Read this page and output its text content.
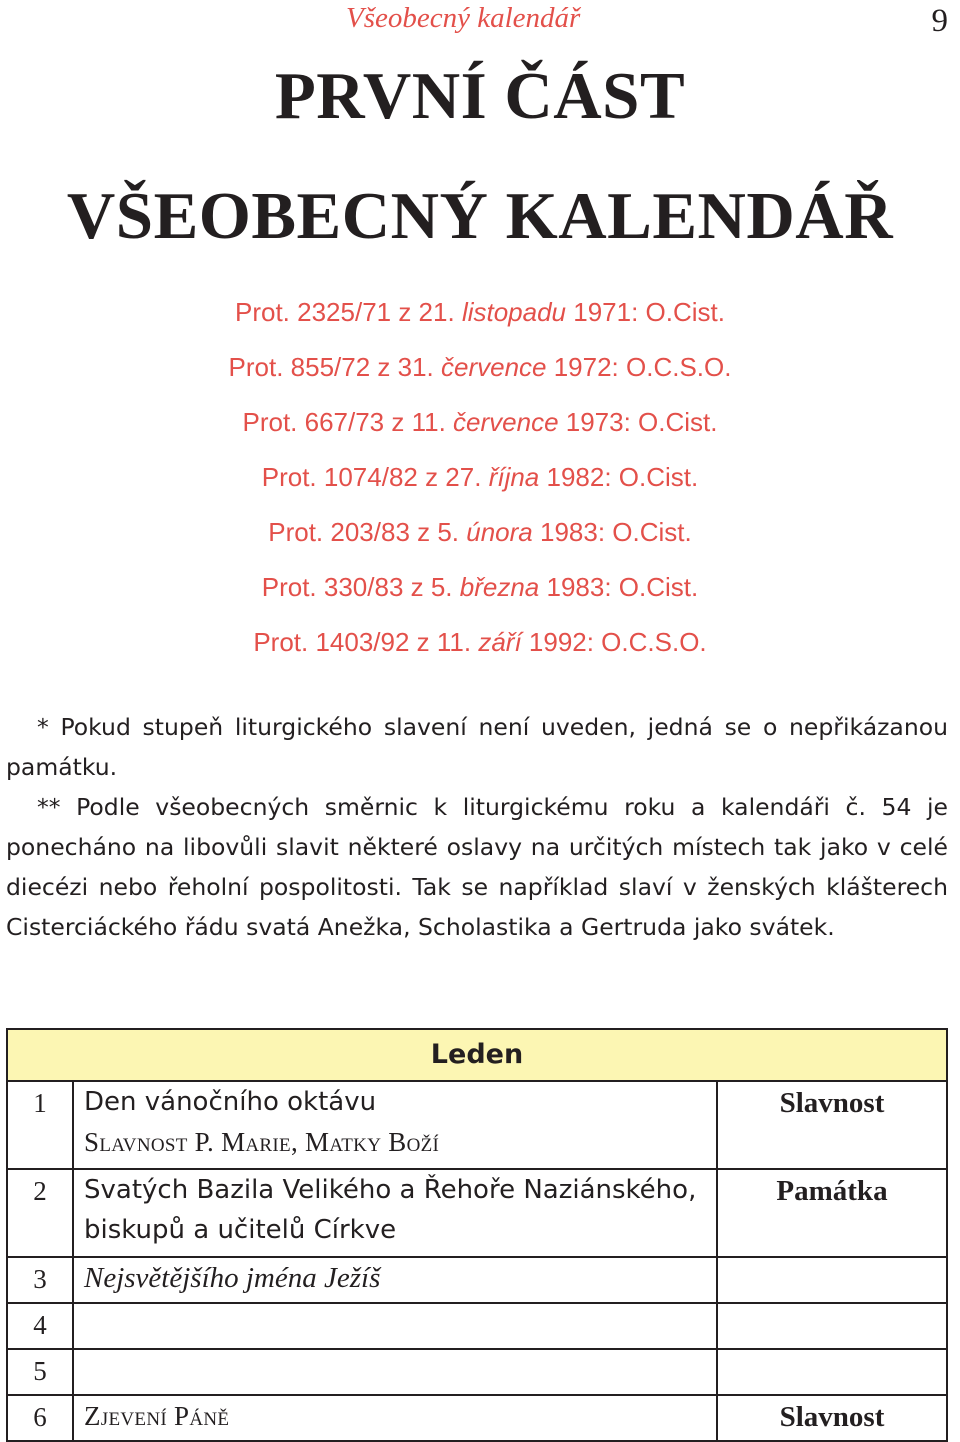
Všeobecný kalendář	9
PRVNÍ ČÁST
VŠEOBECNÝ KALENDÁŘ
Prot. 2325/71 z 21. listopadu 1971: O.Cist.
Prot. 855/72 z 31. července 1972: O.C.S.O.
Prot. 667/73 z 11. července 1973: O.Cist.
Prot. 1074/82 z 27. října 1982: O.Cist.
Prot. 203/83 z 5. února 1983: O.Cist.
Prot. 330/83 z 5. března 1983: O.Cist.
Prot. 1403/92 z 11. září 1992: O.C.S.O.

* Pokud stupeň liturgického slavení není uveden, jedná se o nepřikázanou památku.

** Podle všeobecných směrnic k liturgickému roku a kalendáři č. 54 je ponecháno na libovůli slavit některé oslavy na určitých místech tak jako v celé diecézi nebo řeholní pospolitosti. Tak se například slaví v ženských klášterech Cisterciáckého řádu svatá Anežka, Scholastika a Gertruda jako svátek.

Leden		
1	Den vánočního oktávu
Slavnost P. Marie, Matky Boží	Slavnost
2	Svatých Bazila Velikého a Řehoře Naziánského, biskupů a učitelů Církve	Památka
3	Nejsvětějšího jména Ježíš	
4		
5		
6	Zjevení Páně	Slavnost
